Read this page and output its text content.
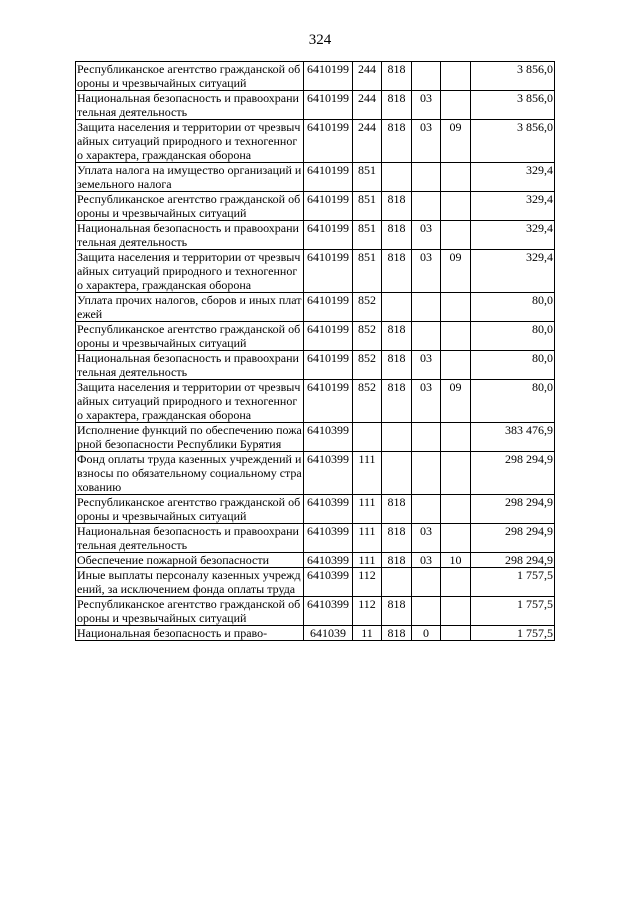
324
Республиканское агентство гражданской обороны и чрезвычайных ситуаций	6410199	244	818			3 856,0
Национальная безопасность и правоохранительная деятельность	6410199	244	818	03		3 856,0
Защита населения и территории от чрезвычайных ситуаций природного и техногенного характера, гражданская оборона	6410199	244	818	03	09	3 856,0
Уплата налога на имущество организаций и земельного налога	6410199	851				329,4
Республиканское агентство гражданской обороны и чрезвычайных ситуаций	6410199	851	818			329,4
Национальная безопасность и правоохранительная деятельность	6410199	851	818	03		329,4
Защита населения и территории от чрезвычайных ситуаций природного и техногенного характера, гражданская оборона	6410199	851	818	03	09	329,4
Уплата прочих налогов, сборов и иных платежей	6410199	852				80,0
Республиканское агентство гражданской обороны и чрезвычайных ситуаций	6410199	852	818			80,0
Национальная безопасность и правоохранительная деятельность	6410199	852	818	03		80,0
Защита населения и территории от чрезвычайных ситуаций природного и техногенного характера, гражданская оборона	6410199	852	818	03	09	80,0
Исполнение функций по обеспечению пожарной безопасности Республики Бурятия	6410399					383 476,9
Фонд оплаты труда казенных учреждений и взносы по обязательному социальному страхованию	6410399	111				298 294,9
Республиканское агентство гражданской обороны и чрезвычайных ситуаций	6410399	111	818			298 294,9
Национальная безопасность и правоохранительная деятельность	6410399	111	818	03		298 294,9
Обеспечение пожарной безопасности	6410399	111	818	03	10	298 294,9
Иные выплаты персоналу казенных учреждений, за исключением фонда оплаты труда	6410399	112				1 757,5
Республиканское агентство гражданской обороны и чрезвычайных ситуаций	6410399	112	818			1 757,5
Национальная безопасность и право-	641039	11	818	0		1 757,5
